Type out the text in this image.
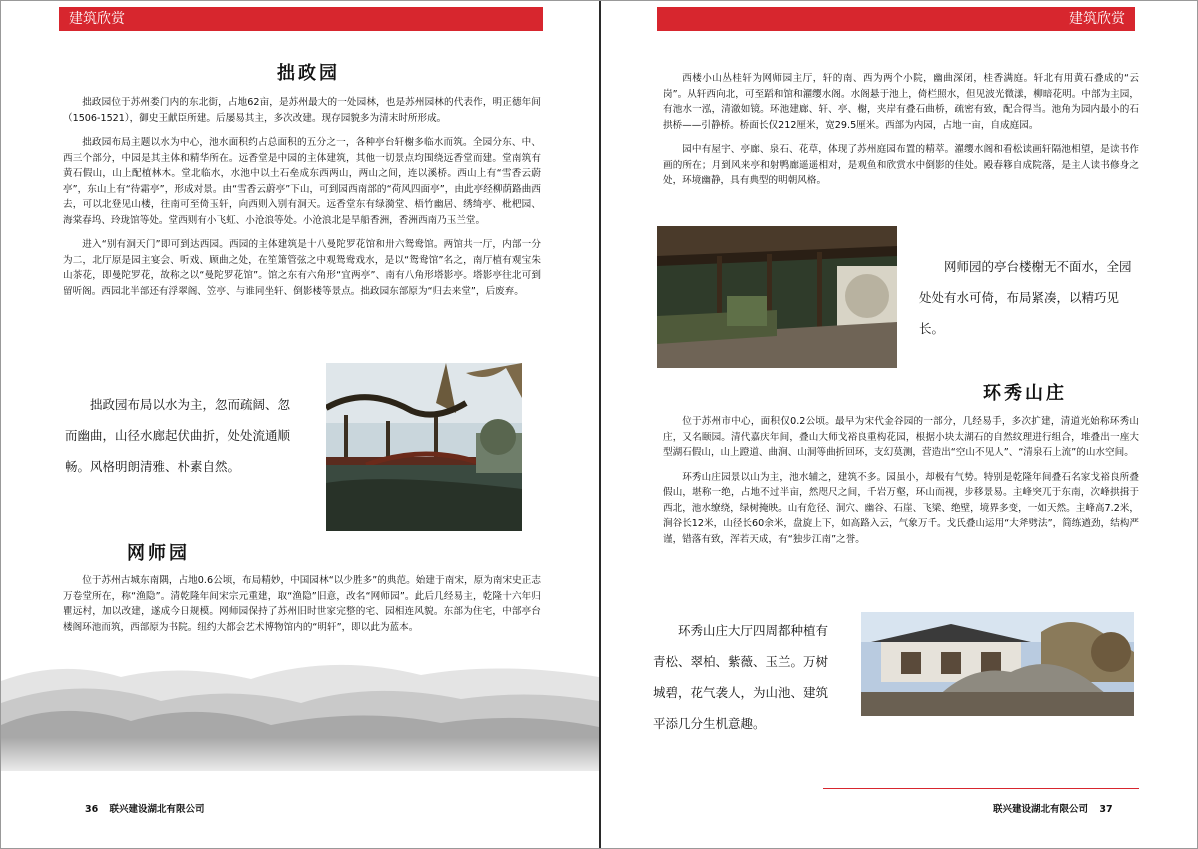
建筑欣赏
拙政园

拙政园位于苏州娄门内的东北街，占地62亩，是苏州最大的一处园林，也是苏州园林的代表作，明正德年间（1506-1521），御史王献臣所建。后屡易其主，多次改建。现存园貌多为清末时所形成。

拙政园布局主题以水为中心，池水面积约占总面积的五分之一，各种亭台轩榭多临水而筑。全园分东、中、西三个部分，中园是其主体和精华所在。远香堂是中园的主体建筑，其他一切景点均围绕远香堂而建。堂南筑有黄石假山，山上配植林木。堂北临水，水池中以土石垒成东西两山，两山之间，连以溪桥。西山上有“雪香云蔚亭”，东山上有“待霜亭”，形成对景。由“雪香云蔚亭”下山，可到园西南部的“荷风四面亭”，由此亭经柳荫路曲西去，可以北登见山楼，往南可至倚玉轩，向西则入别有洞天。远香堂东有绿漪堂、梧竹幽居、绣绮亭、枇杷园、海棠春坞、玲珑馆等处。堂西则有小飞虹、小沧浪等处。小沧浪北是旱船香洲，香洲西南乃玉兰堂。

进入“别有洞天门”即可到达西园。西园的主体建筑是十八曼陀罗花馆和卅六鸳鸯馆。两馆共一厅，内部一分为二，北厅原是园主宴会、听戏、顾曲之处，在笙箫管弦之中观鸳鸯戏水，是以“鸳鸯馆”名之，南厅植有观宝朱山茶花，即曼陀罗花，故称之以“曼陀罗花馆”。馆之东有六角形“宜两亭”、南有八角形塔影亭。塔影亭往北可到留听阁。西园北半部还有浮翠阁、笠亭、与谁同坐轩、倒影楼等景点。拙政园东部原为“归去来堂”，后废弃。

拙政园布局以水为主，忽而疏阔、忽而幽曲，山径水廊起伏曲折，处处流通顺畅。风格明朗清雅、朴素自然。

网师园

位于苏州古城东南隅，占地0.6公顷，布局精妙，中国园林“以少胜多”的典范。始建于南宋，原为南宋史正志万卷堂所在，称“渔隐”。清乾隆年间宋宗元重建，取“渔隐”旧意，改名“网师园”。此后几经易主，乾隆十六年归瞿远村，加以改建，遂成今日规模。网师园保持了苏州旧时世家完整的宅、园相连风貌。东部为住宅，中部亭台楼阁环池而筑，西部原为书院。纽约大都会艺术博物馆内的“明轩”，即以此为蓝本。

36 联兴建设湖北有限公司
建筑欣赏

西楼小山丛桂轩为网师园主厅，轩的南、西为两个小院，幽曲深闭，桂香满庭。轩北有用黄石叠成的“云岗”。从轩西向北，可至蹈和馆和濯缨水阁。水阁悬于池上，倚栏照水，但见波光微漾，柳暗花明。中部为主园，有池水一泓，清澈如镜。环池建廊、轩、亭、榭，夹岸有叠石曲桥，疏密有致，配合得当。池角为园内最小的石拱桥——引静桥。桥面长仅212厘米，宽29.5厘米。西部为内园，占地一亩，自成庭园。

园中有屋宇、亭廊、泉石、花草，体现了苏州庭园布置的精萃。濯缨水阁和看松读画轩隔池相望，是读书作画的所在；月到风来亭和射鸭廊遥遥相对，是观鱼和欣赏水中倒影的佳处。殿春簃自成院落，是主人读书修身之处，环境幽静，具有典型的明朝风格。

网师园的亭台楼榭无不面水，全园处处有水可倚，布局紧凑，以精巧见长。

环秀山庄

位于苏州市中心，面积仅0.2公顷。最早为宋代金谷园的一部分，几经易手，多次扩建，清道光始称环秀山庄，又名颐园。清代嘉庆年间，叠山大师戈裕良重构花园，根据小块太湖石的自然纹理进行组合，堆叠出一座大型湖石假山，山上蹬道、曲涧、山洞等曲折回环，支幻莫测，营造出“空山不见人”、“清泉石上流”的山水空间。

环秀山庄园景以山为主，池水辅之，建筑不多。园虽小，却极有气势。特别是乾隆年间叠石名家戈裕良所叠假山，堪称一绝，占地不过半亩，然咫尺之间，千岩万壑，环山而视，步移景易。主峰突兀于东南，次峰拱揖于西北，池水缭绕，绿树掩映。山有危径、洞穴、幽谷、石崖、飞梁、绝壁，境界多变，一如天然。主峰高7.2米，涧谷长12米，山径长60余米，盘旋上下，如高路入云，气象万千。戈氏叠山运用“大斧劈法”，简练遒劲，结构严谨，错落有致，浑若天成，有“独步江南”之誉。

环秀山庄大厅四周都种植有青松、翠柏、紫薇、玉兰。万树城碧，花气袭人，为山池、建筑平添几分生机意趣。

联兴建设湖北有限公司 37
